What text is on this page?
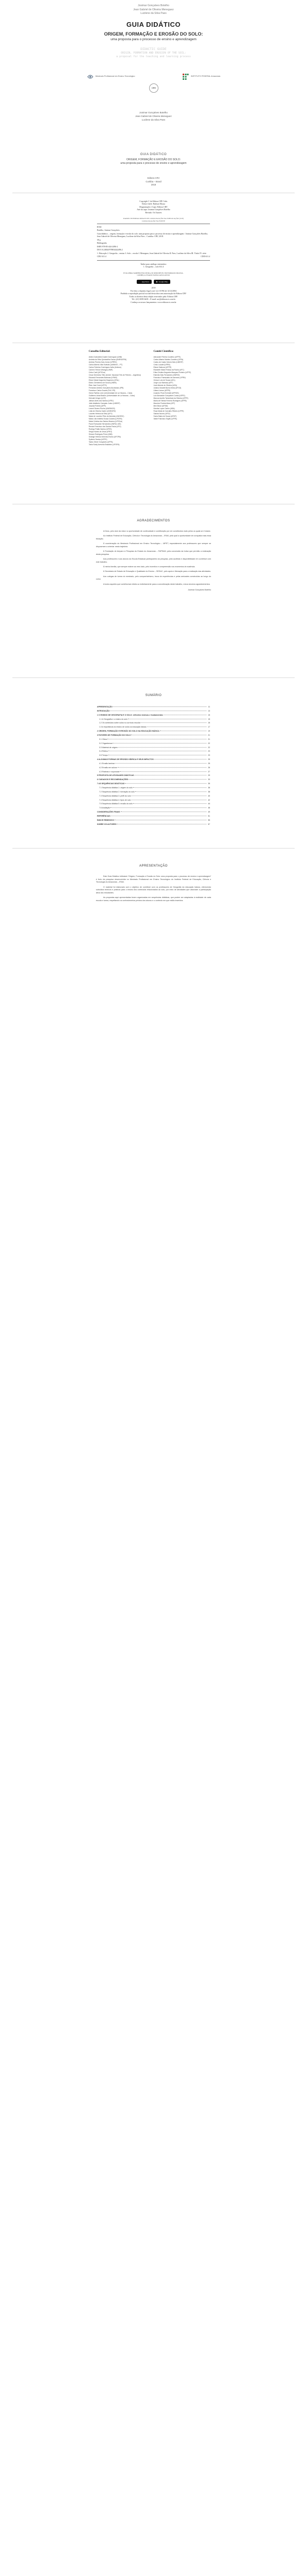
Josimar Gonçalves Botelho
Jean Gabriel de Oliveira Meneguez
Lucilene da Silva Paes
GUIA DIDÁTICO
ORIGEM, FORMAÇÃO E EROSÃO DO SOLO:
uma proposta para o processo de ensino e aprendizagem
DIDACTIC GUIDE
ORIGIN, FORMATION AND EROSION OF THE SOIL:
a proposal for the teaching and learning process
Mestrado Profissional em Ensino Tecnológico	INSTITUTO FEDERAL Amazonas
CRV
Josimar Gonçalves Botelho
Jean Gabriel de Oliveira Meneguez
Lucilene da Silva Paes
GUIA DIDÁTICO
ORIGEM, FORMAÇÃO E EROSÃO DO SOLO:
uma proposta para o processo de ensino e aprendizagem
Editora CRV
Curitiba – Brasil
2018
Copyright © da Editora CRV Ltda.
Editor-chefe: Railson Moura
Diagramação e Capa: Editora CRV
Arte da capa: Josimar Gonçalves Botelho
Revisão: Os Autores
DADOS INTERNACIONAIS DE CATALOGAÇÃO NA PUBLICAÇÃO (CIP)
CATALOGAÇÃO NA FONTE

B748

Botelho, Josimar Gonçalves.

Guia didático – origem, formação e erosão do solo: uma proposta para o processo de ensino e aprendizagem / Josimar Gonçalves Botelho, Jean Gabriel de Oliveira Meneguez, Lucilene da Silva Paes – Curitiba: CRV, 2018.

58 p.

Bibliografia

ISBN 978-85-444-2496-2

DOI 10.24824/978854442496.2

1. Educação 2. Geografia – ensino 3. Solo – erosão I. Meneguez, Jean Gabriel de Oliveira II. Paes, Lucilene da Silva III. Título IV. série

CDU 631.4	CDD 631.4
Índice para catálogo sistemático
1. Geografia – solo 631.4
ESTA OBRA TAMBÉM ENCONTRA-SE DISPONÍVEL EM FORMATO DIGITAL.
CONHEÇA E BAIXE NOSSO APLICATIVO!
App Store	▶ Google Play
2018
Foi feito o depósito legal conf. Lei 10.994 de 14/12/2004
Proibida a reprodução parcial ou total desta obra sem autorização da Editora CRV
Todos os direitos desta edição reservados pela: Editora CRV
Tel.: (41) 3039-6418 – E-mail: sac@editoracrv.com.br
Conheça os nossos lançamentos: www.editoracrv.com.br
Conselho Editorial:
Aldira Guimarães Duarte Domínguez (UNB)
Andréia da Silva Quintanilha Sousa (UNIR/UFRN)
Antônio Pereira Gaio Júnior (UFRRJ)
Carlos Alberto Vilar Estêvão (UMINHO – PT)
Carlos Federico Dominguez Avila (Unieuro)
Carmen Tereza Velanga (UNIR)
Celso Conti (UFSCar)
Cesar Gerônimo Tello (Univer. Nacional Três de Febrero – Argentina)
Eduardo Fernandes Barbosa (UFMG)
Elione Maria Nogueira Diogenes (UFAL)
Elizeu Clementino de Souza (UNEB)
Élsio José Corá (UFFS)
Fernando Antônio Gonçalves Alcoforado (IPB)
Francisco Carlos Duarte (PUC-PR)
Gloria Fariñas León (Universidade de La Havana – Cuba)
Guillermo Arias Beatón (Universidade de La Havana – Cuba)
Helmuth Krüger (UCP)
Jailson Alves dos Santos (UFRJ)
João Adalberto Campato Junior (UNESP)
Josania Portela (UFPI)
Leonel Severo Rocha (UNISINOS)
Lídia de Oliveira Xavier (UNIEURO)
Lourdes Helena da Silva (UFV)
Maria de Lourdes Pinto de Almeida (UNOESC)
Maria Lília Imbiriba Sousa Colares (UFOPA)
Maria Cristina dos Santos Bezerra (UFSCar)
Paulo Romualdo Hernandes (UNIFAL-MG)
Renato Francisco dos Santos Paula (UFG)
Rodrigo Pratte-Santos (UFES)
Sérgio Nunes de Jesus (IFRO)
Simone Rodrigues Pinto (UNB)
Solange Helena Ximenes-Rocha (UFOPA)
Sydione Santos (UEPG)
Tadeu Oliver Gonçalves (UFPA)
Tania Suely Azevedo Brasileiro (UFOPA)
Comitê Científico:
Alexandre Pereira Coutinho (UFPE)
Carlos Alberto Martins Cordeiro (UFPA)
Carlos de Castro Neves Neto (UNESP)
Celso Locatel (UFRN)
Eliane Dalmora (UFPR)
Elizabeth Maria Feitosa da Rocha (UFC)
Erika Cristina Nogueira Marques Pinheiro (UFPE)
Estevão Dias Fernandes (UNIRIO)
Francisco Fransualdo de Azevedo (UFRN)
Gerson Luis de Souza (UEL)
Jorge Luiz Barbosa (UFF)
José Aldemir de Oliveira (UEA)
Juliana Grasiéli Bueno Mota (UFGD)
Liliana Lemos (UFPB)
Lisandro Pezzi Schmidt (UFRGS)
Luiz Alexandre Gonçalves Cunha (UEPG)
Marcos Aurélio Tarlombani da Silveira (UFPR)
Maria de Fátima Ferreira Rodrigues (UFPB)
Maurício Portela Maia (UFF)
Meri Bezzi (UFSM)
Nicolás Lopez Osório (UBA)
Rosa Maria de Carvalho Ribeiro (UFPE)
Sandra Nunes (UFSJ)
Sonia Maria de Souza (UFMT)
Valdir Francisco Sayão (UFPA)
AGRADECIMENTOS

A Deus, pelo dom da vida e a oportunidade de continuidade e contribuição por ver constituídos mais pelos os quais se é lutado.

Ao Instituto Federal de Educação, Ciência e Tecnologia do Amazonas – IFAM, pela qual a oportunidade de conquista mais essa titulação.

À coordenação do Mestrado Profissional em Ensino Tecnológico – MPET, especialmente aos professores que sempre se dispuseram a orientar nesta trajetória.

À Fundação de Amparo à Pesquisa do Estado do Amazonas – FAPEAM, pela concessão da bolsa que permitiu a realização desta pesquisa.

Aos professores e aos alunos da Escola Estadual participantes da pesquisa, pela acolhida e disponibilidade em contribuir com este trabalho.

À minha família, que sempre esteve ao meu lado, pelo incentivo e compreensão nos momentos de ausência.

À Secretaria de Estado de Educação e Qualidade do Ensino – SEDUC, pelo apoio e liberação para a realização das atividades.

Aos colegas de turma do mestrado, pelo companheirismo, troca de experiências e pelas amizades construídas ao longo do curso.

A todos aqueles que contribuíram direta ou indiretamente para a concretização deste trabalho, meus sinceros agradecimentos.

Josimar Gonçalves Botelho
SUMÁRIO
APRESENTAÇÃO	11
INTRODUÇÃO	13
1 O ENSINO DE GEOGRAFIA E O SOLO: reflexões teóricas e fundamentais	15
1.1 A Geografia e o ensino do solo	15
1.2 Os conteúdos sobre solos no currículo escolar	16
1.3 A importância do ensino de solos na educação básica	17
2 ORIGEM, FORMAÇÃO E EROSÃO DO SOLO NA EDUCAÇÃO BÁSICA	19
3 FATORES DE FORMAÇÃO DO SOLO	21
3.1 Clima	21
3.2 Organismos	22
3.3 Material de origem	22
3.4 Relevo	23
3.5 Tempo	23
4 ALGUMAS FORMAS DE EROSÃO HÍDRICA E SEUS IMPACTOS	25
4.1 Erosão laminar	25
4.2 Erosão em sulcos	26
4.3 Ravinas e voçorocas	27
5 PROPOSTA DE ATIVIDADES DIDÁTICAS	29
6 CUIDADOS E RECOMENDAÇÕES	33
7 AS SEQUÊNCIAS DIDÁTICAS	35
7.1 Sequência didática 1: origem do solo	36
7.2 Sequência didática 2: formação do solo	38
7.3 Sequência didática 3: perfil do solo	40
7.4 Sequência didática 4: tipos de solo	42
7.5 Sequência didática 5: erosão do solo	44
7.6 Avaliação	46
CONSIDERAÇÕES FINAIS	49
REFERÊNCIAS	51
ÍNDICE REMISSIVO	55
SOBRE OS AUTORES	57
APRESENTAÇÃO

Este Guia Didático intitulado “Origem, Formação e Erosão do Solo: uma proposta para o processo de ensino e aprendizagem” é fruto da pesquisa desenvolvida no Mestrado Profissional em Ensino Tecnológico do Instituto Federal de Educação, Ciência e Tecnologia do Amazonas – IFAM.

O material foi elaborado com o objetivo de contribuir com os professores de Geografia da educação básica, oferecendo subsídios teóricos e práticos para o ensino dos conteúdos relacionados ao solo, por meio de atividades que valorizam a participação ativa dos estudantes.

As propostas aqui apresentadas foram organizadas em sequências didáticas, que podem ser adaptadas à realidade de cada escola e turma, respeitando os conhecimentos prévios dos alunos e o contexto em que estão inseridos.
